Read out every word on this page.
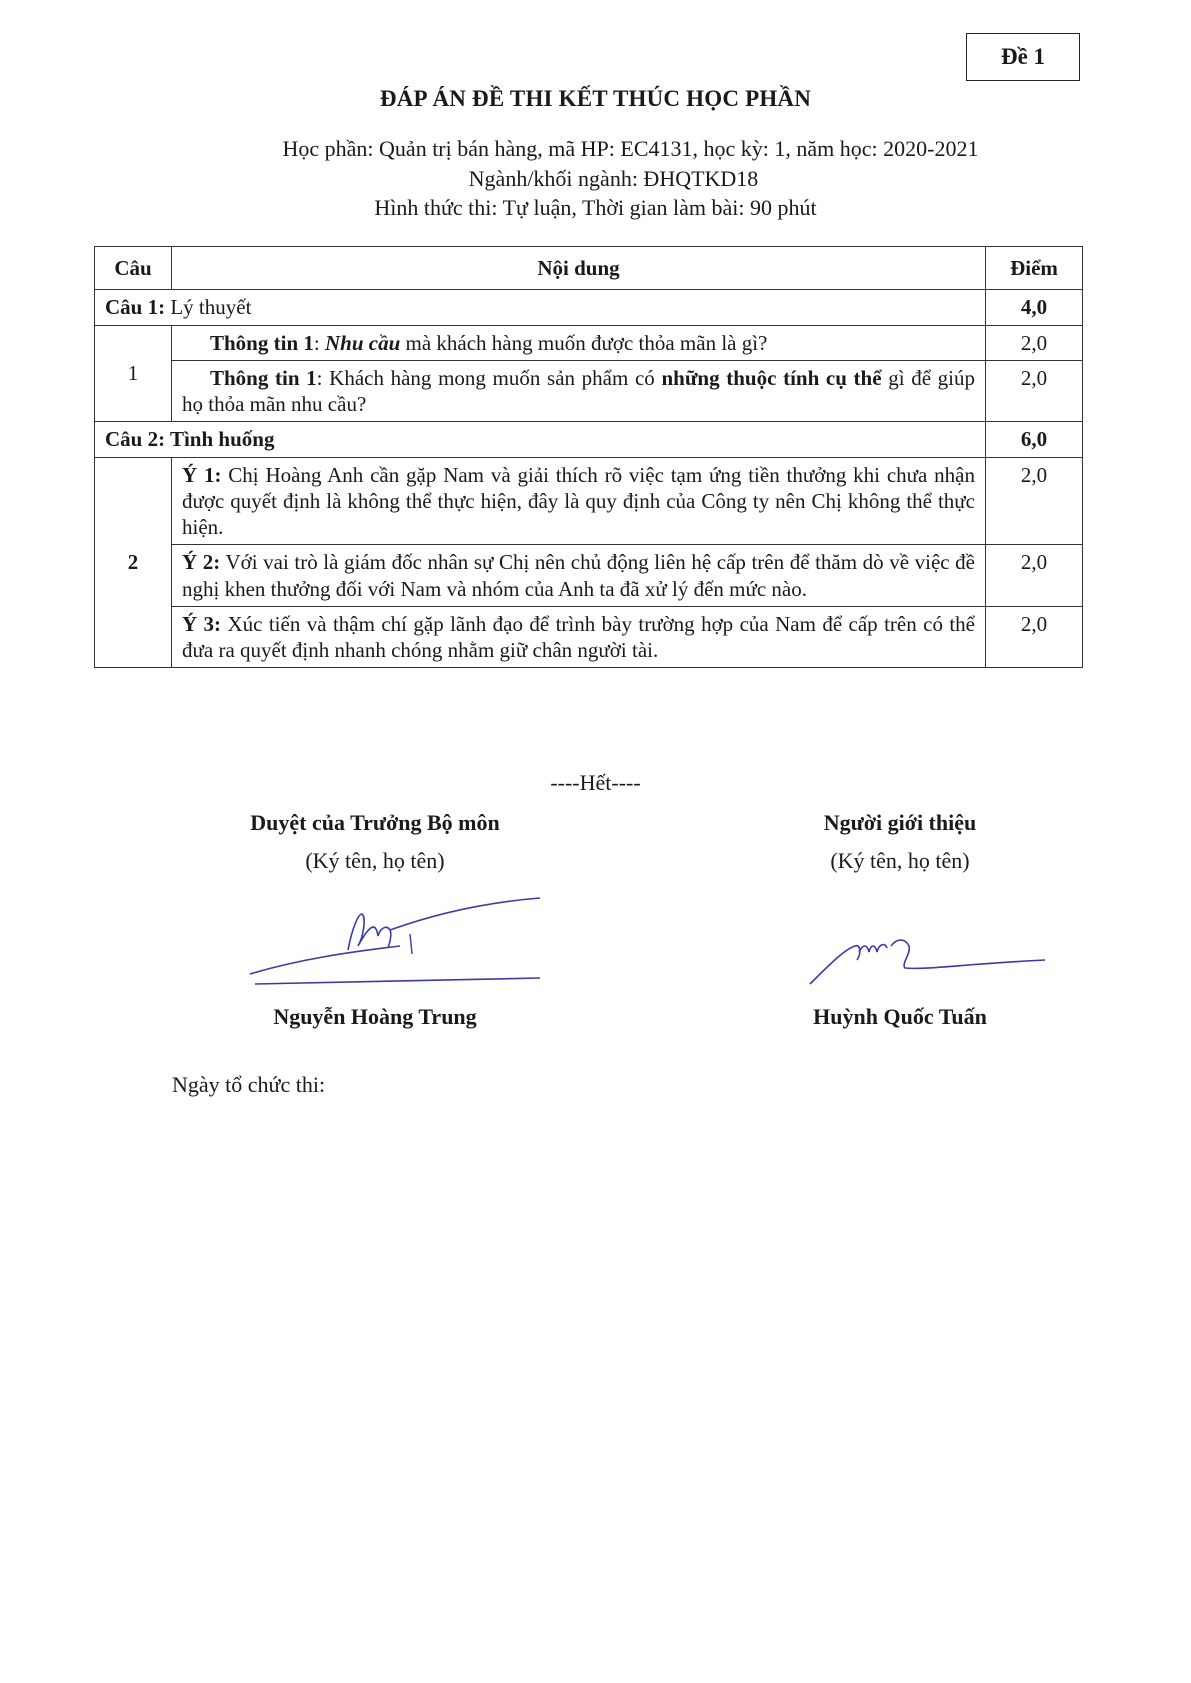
Đề 1
ĐÁP ÁN ĐỀ THI KẾT THÚC HỌC PHẦN
Học phần: Quản trị bán hàng, mã HP: EC4131, học kỳ: 1, năm học: 2020-2021
Ngành/khối ngành: ĐHQTKD18
Hình thức thi: Tự luận, Thời gian làm bài: 90 phút
Câu	Nội dung	Điểm
Câu 1: Lý thuyết		4,0
1	Thông tin 1: Nhu cầu mà khách hàng muốn được thỏa mãn là gì?	2,0
	Thông tin 1: Khách hàng mong muốn sản phẩm có những thuộc tính cụ thể gì để giúp họ thỏa mãn nhu cầu?	2,0
Câu 2: Tình huống		6,0
2	Ý 1: Chị Hoàng Anh cần gặp Nam và giải thích rõ việc tạm ứng tiền thưởng khi chưa nhận được quyết định là không thể thực hiện, đây là quy định của Công ty nên Chị không thể thực hiện.	2,0
	Ý 2: Với vai trò là giám đốc nhân sự Chị nên chủ động liên hệ cấp trên để thăm dò về việc đề nghị khen thưởng đối với Nam và nhóm của Anh ta đã xử lý đến mức nào.	2,0
	Ý 3: Xúc tiến và thậm chí gặp lãnh đạo để trình bày trường hợp của Nam để cấp trên có thể đưa ra quyết định nhanh chóng nhằm giữ chân người tài.	2,0
----Hết----
Duyệt của Trưởng Bộ môn
(Ký tên, họ tên)
Nguyễn Hoàng Trung
Người giới thiệu
(Ký tên, họ tên)
Huỳnh Quốc Tuấn
Ngày tổ chức thi:
